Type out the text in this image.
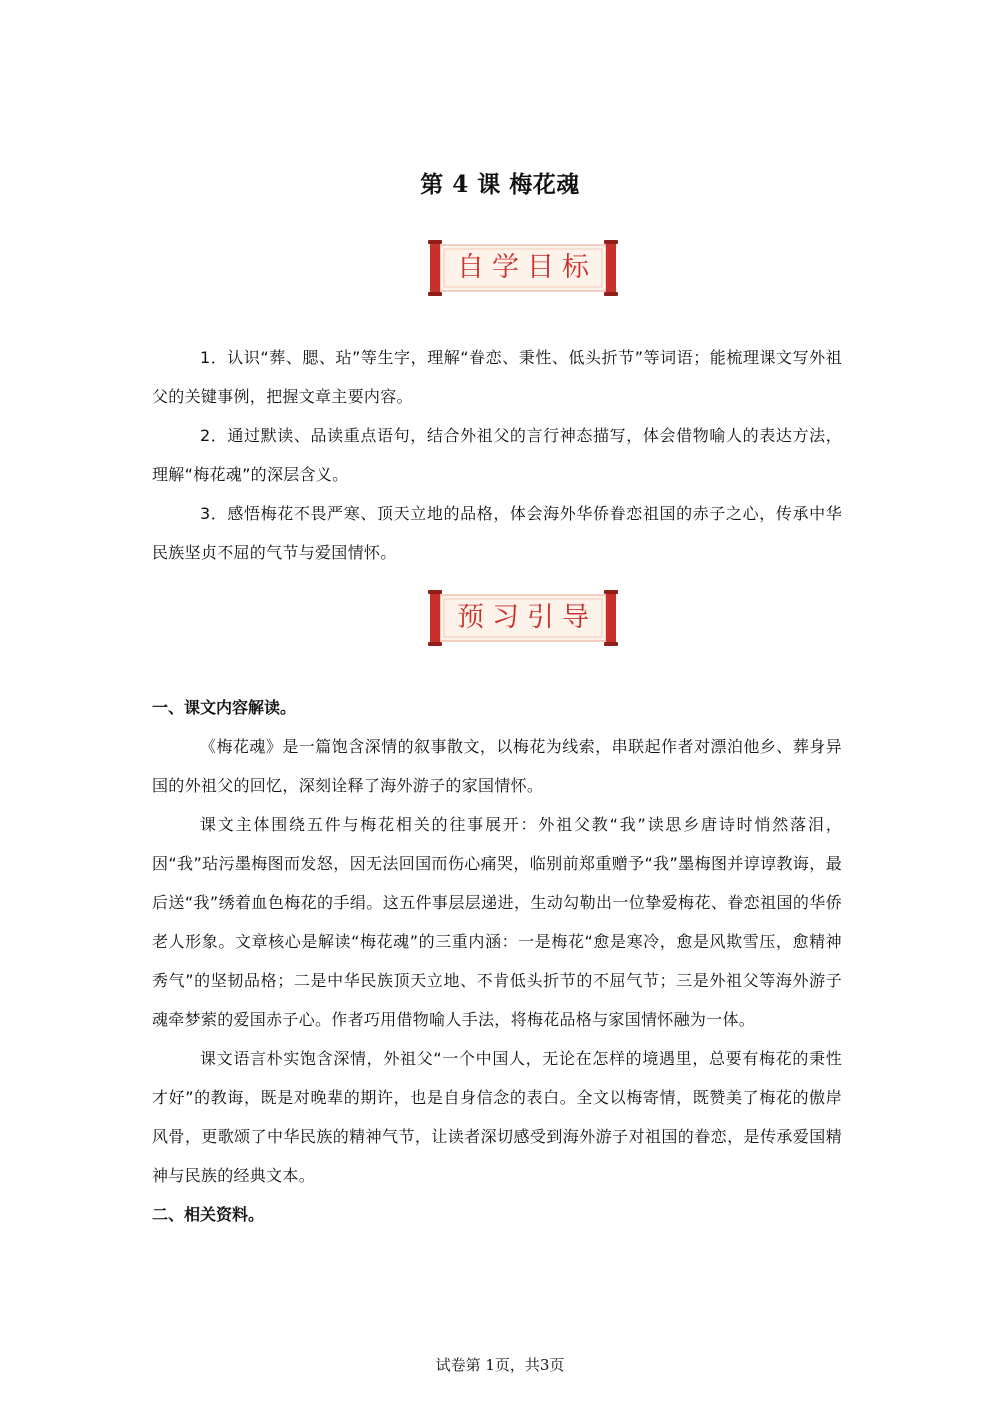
第 4 课 梅花魂
自学目标

1．认识“葬、腮、玷”等生字，理解“眷恋、秉性、低头折节”等词语；能梳理课文写外祖父的关键事例，把握文章主要内容。

2．通过默读、品读重点语句，结合外祖父的言行神态描写，体会借物喻人的表达方法，理解“梅花魂”的深层含义。

3．感悟梅花不畏严寒、顶天立地的品格，体会海外华侨眷恋祖国的赤子之心，传承中华民族坚贞不屈的气节与爱国情怀。

预习引导

一、课文内容解读。

《梅花魂》是一篇饱含深情的叙事散文，以梅花为线索，串联起作者对漂泊他乡、葬身异国的外祖父的回忆，深刻诠释了海外游子的家国情怀。

课文主体围绕五件与梅花相关的往事展开：外祖父教“我”读思乡唐诗时悄然落泪，因“我”玷污墨梅图而发怒，因无法回国而伤心痛哭，临别前郑重赠予“我”墨梅图并谆谆教诲，最后送“我”绣着血色梅花的手绢。这五件事层层递进，生动勾勒出一位挚爱梅花、眷恋祖国的华侨老人形象。文章核心是解读“梅花魂”的三重内涵：一是梅花“愈是寒冷，愈是风欺雪压，愈精神秀气”的坚韧品格；二是中华民族顶天立地、不肯低头折节的不屈气节；三是外祖父等海外游子魂牵梦萦的爱国赤子心。作者巧用借物喻人手法，将梅花品格与家国情怀融为一体。

课文语言朴实饱含深情，外祖父“一个中国人，无论在怎样的境遇里，总要有梅花的秉性才好”的教诲，既是对晚辈的期许，也是自身信念的表白。全文以梅寄情，既赞美了梅花的傲岸风骨，更歌颂了中华民族的精神气节，让读者深切感受到海外游子对祖国的眷恋，是传承爱国精神与民族的经典文本。

二、相关资料。

试卷第 1页，共3页
